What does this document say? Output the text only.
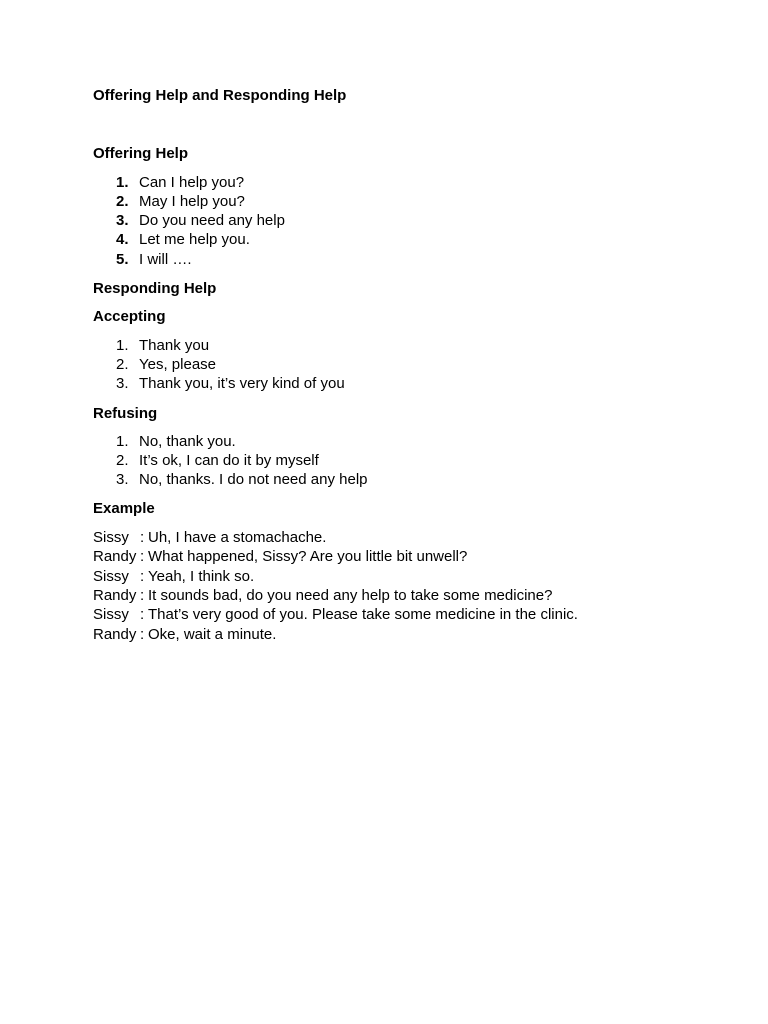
Offering Help and Responding Help

Offering Help

1. Can I help you?
2. May I help you?
3. Do you need any help
4. Let me help you.
5. I will ….

Responding Help

Accepting

1. Thank you
2. Yes, please
3. Thank you, it’s very kind of you

Refusing

1. No, thank you.
2. It’s ok, I can do it by myself
3. No, thanks. I do not need any help

Example

Sissy : Uh, I have a stomachache.
Randy : What happened, Sissy? Are you little bit unwell?
Sissy : Yeah, I think so.
Randy : It sounds bad, do you need any help to take some medicine?
Sissy : That’s very good of you. Please take some medicine in the clinic.
Randy : Oke, wait a minute.
